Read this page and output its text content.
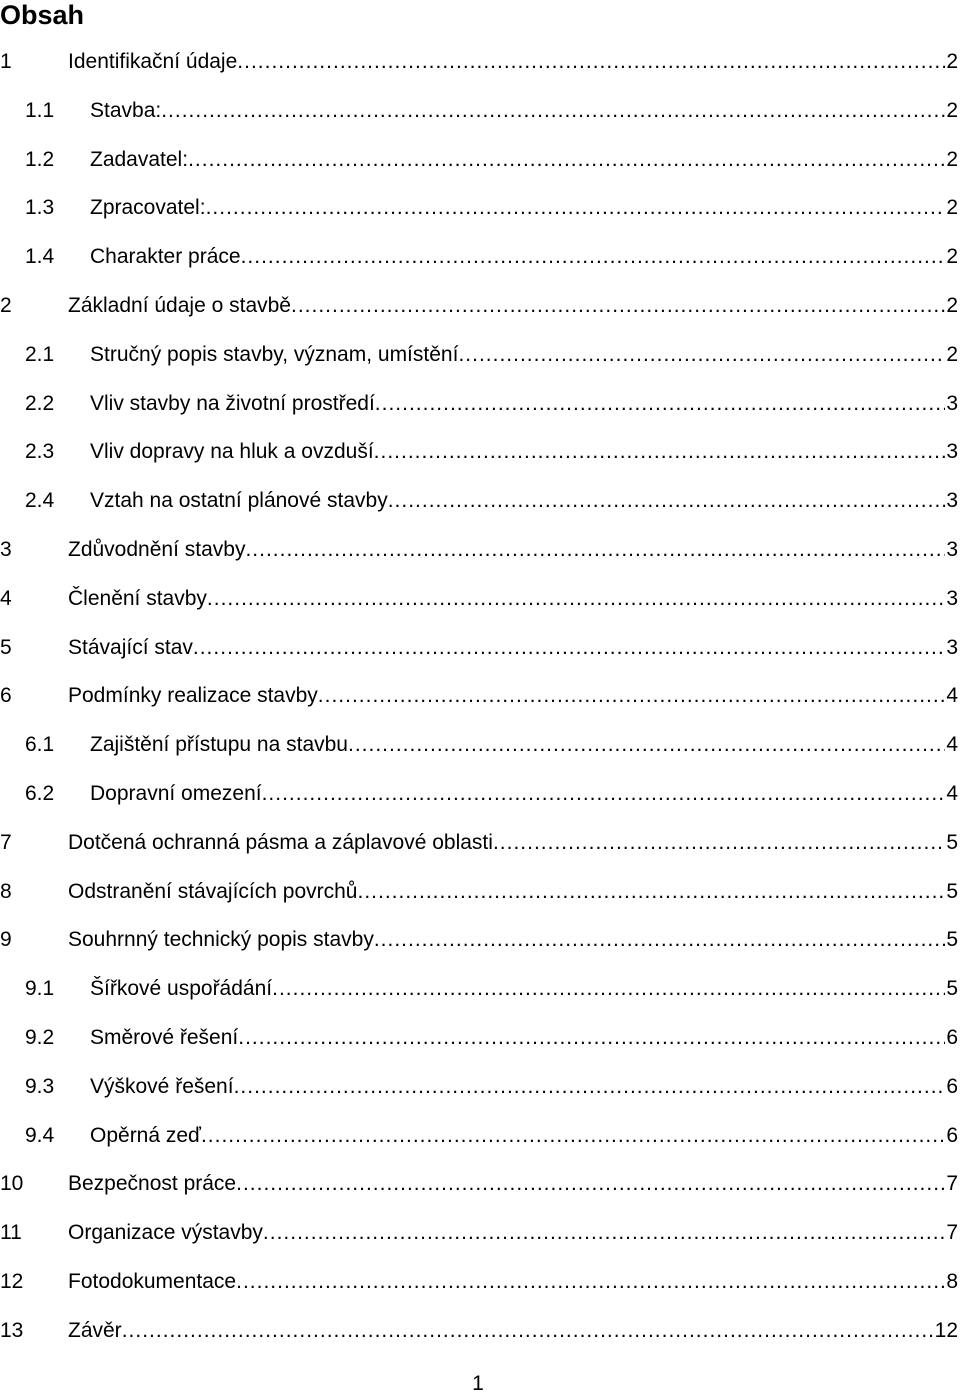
Obsah
1	Identifikační údaje .....	2
1.1 Stavba: .....	2
1.2 Zadavatel: .....	2
1.3 Zpracovatel: .....	2
1.4 Charakter práce .....	2
2	Základní údaje o stavbě .....	2
2.1 Stručný popis stavby, význam, umístění .....	2
2.2 Vliv stavby na životní prostředí .....	3
2.3 Vliv dopravy na hluk a ovzduší .....	3
2.4 Vztah na ostatní plánové stavby .....	3
3	Zdůvodnění stavby .....	3
4	Členění stavby .....	3
5	Stávající stav .....	3
6	Podmínky realizace stavby .....	4
6.1 Zajištění přístupu na stavbu .....	4
6.2 Dopravní omezení .....	4
7	Dotčená ochranná pásma a záplavové oblasti .....	5
8	Odstranění stávajících povrchů .....	5
9	Souhrnný technický popis stavby .....	5
9.1 Šířkové uspořádání .....	5
9.2 Směrové řešení .....	6
9.3 Výškové řešení .....	6
9.4 Opěrná zeď .....	6
10 Bezpečnost práce .....	7
11 Organizace výstavby .....	7
12 Fotodokumentace .....	8
13 Závěr .....	12
1
